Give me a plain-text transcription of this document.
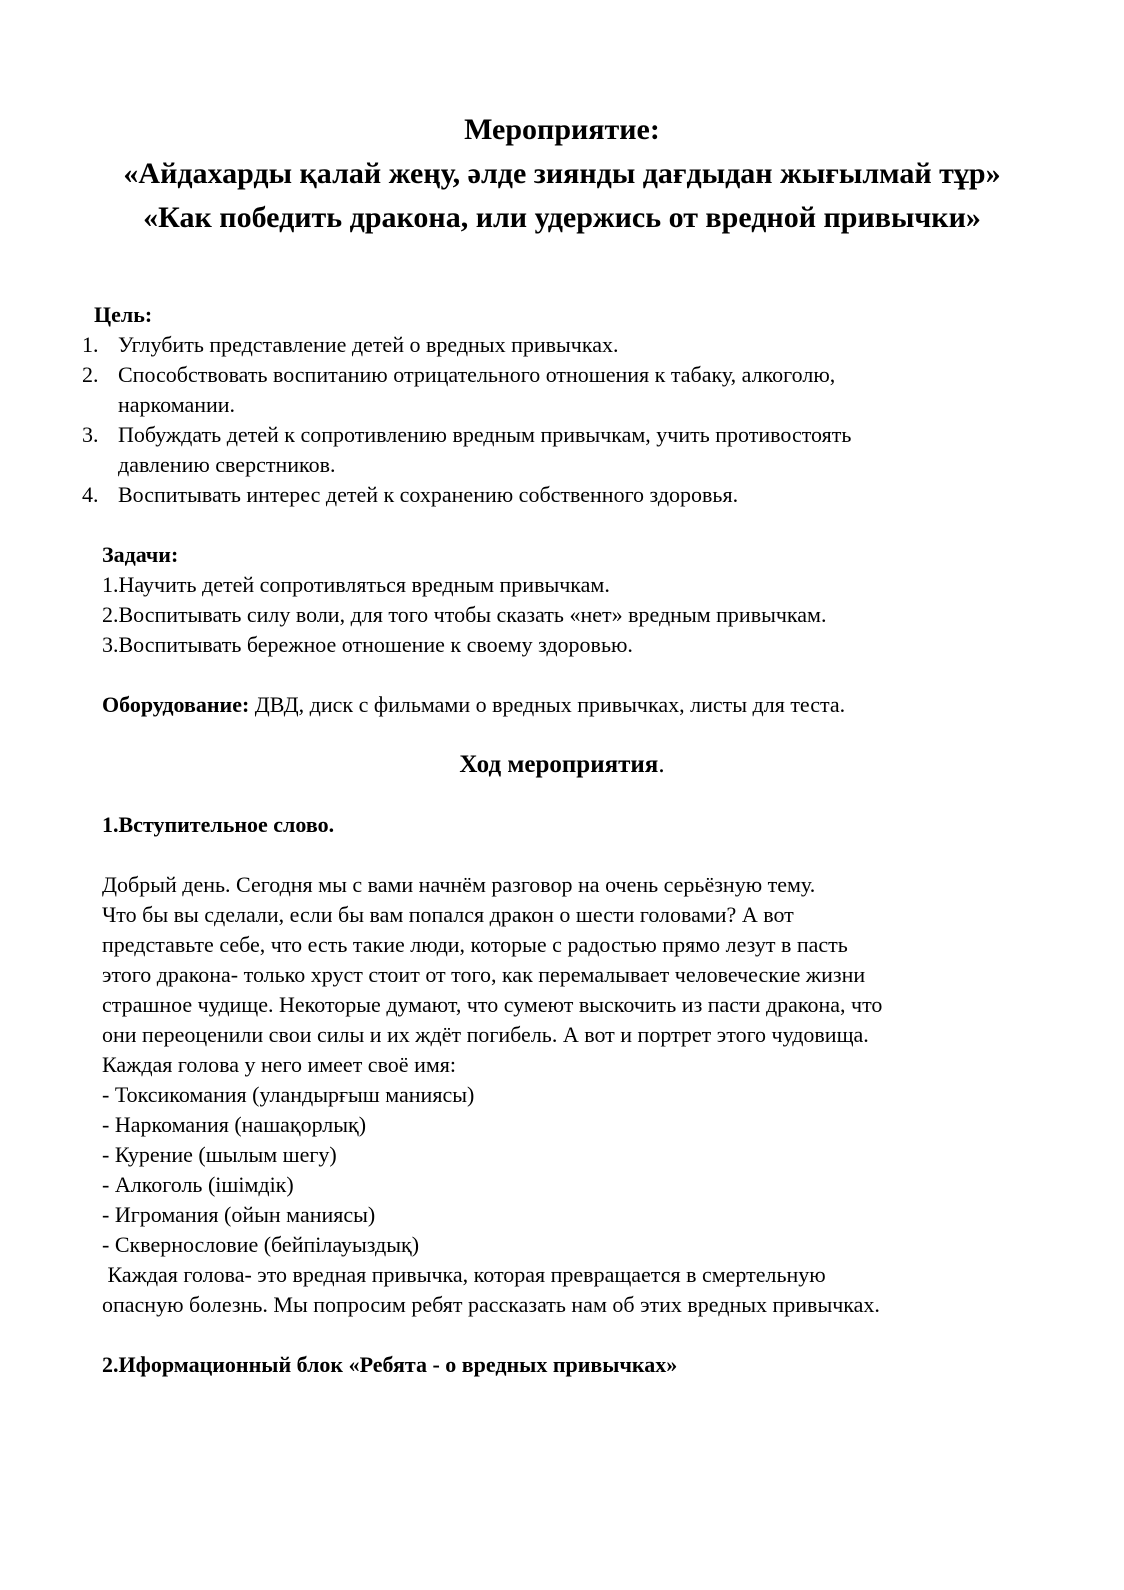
Мероприятие:
«Айдахарды қалай жеңу, әлде зиянды дағдыдан жығылмай тұр»
«Как победить дракона, или удержись от вредной привычки»
Цель:
1. Углубить представление детей о вредных привычках.
2. Способствовать воспитанию отрицательного отношения к табаку, алкоголю,
наркомании.
3. Побуждать детей к сопротивлению вредным привычкам, учить противостоять
давлению сверстников.
4. Воспитывать интерес детей к сохранению собственного здоровья.
Задачи:
1.Научить детей сопротивляться вредным привычкам.
2.Воспитывать силу воли, для того чтобы сказать «нет» вредным привычкам.
3.Воспитывать бережное отношение к своему здоровью.
Оборудование: ДВД, диск с фильмами о вредных привычках, листы для теста.
Ход мероприятия.
1.Вступительное слово.
Добрый день. Сегодня мы с вами начнём разговор на очень серьёзную тему.
Что бы вы сделали, если бы вам попался дракон о шести головами? А вот
представьте себе, что есть такие люди, которые с радостью прямо лезут в пасть
этого дракона- только хруст стоит от того, как перемалывает человеческие жизни
страшное чудище. Некоторые думают, что сумеют выскочить из пасти дракона, что
они переоценили свои силы и их ждёт погибель. А вот и портрет этого чудовища.
Каждая голова у него имеет своё имя:
- Токсикомания (уландырғыш маниясы)
- Наркомания (нашақорлық)
- Курение (шылым шегу)
- Алкоголь (ішімдік)
- Игромания (ойын маниясы)
- Сквернословие (бейпілауыздық)
Каждая голова- это вредная привычка, которая превращается в смертельную
опасную болезнь. Мы попросим ребят рассказать нам об этих вредных привычках.
2.Иформационный блок «Ребята - о вредных привычках»
